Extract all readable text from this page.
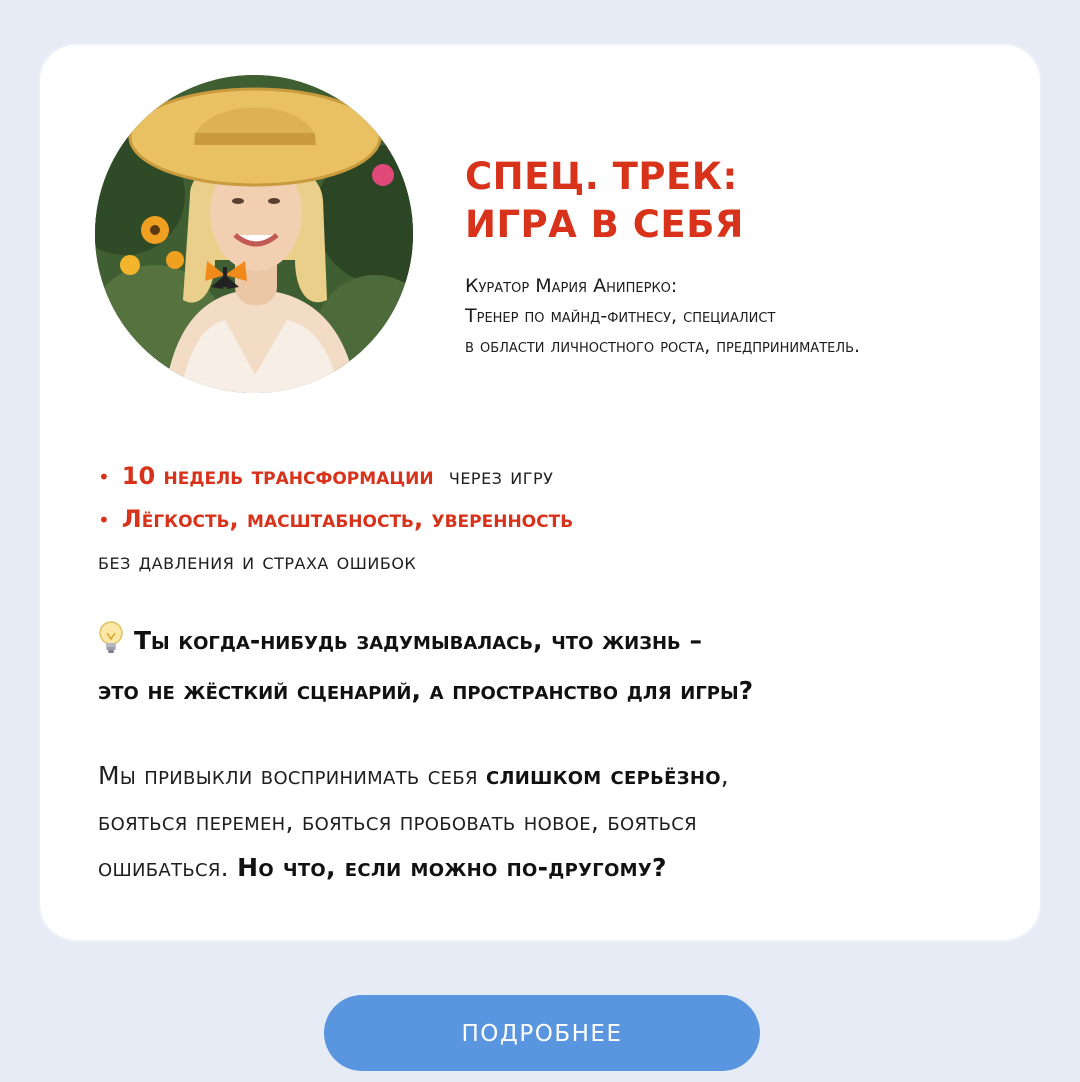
СПЕЦ. ТРЕК:
ИГРА В СЕБЯ
Куратор Мария Аниперко:
Тренер по майнд-фитнесу, специалист
в области личностного роста, предприниматель.
• 10 недель трансформации через игру
• Лёгкость, масштабность, уверенность
без давления и страха ошибок
Ты когда-нибудь задумывалась, что жизнь –
это не жёсткий сценарий, а пространство для игры?
Мы привыкли воспринимать себя слишком серьёзно,
бояться перемен, бояться пробовать новое, бояться
ошибаться. Но что, если можно по-другому?
ПОДРОБНЕЕ
